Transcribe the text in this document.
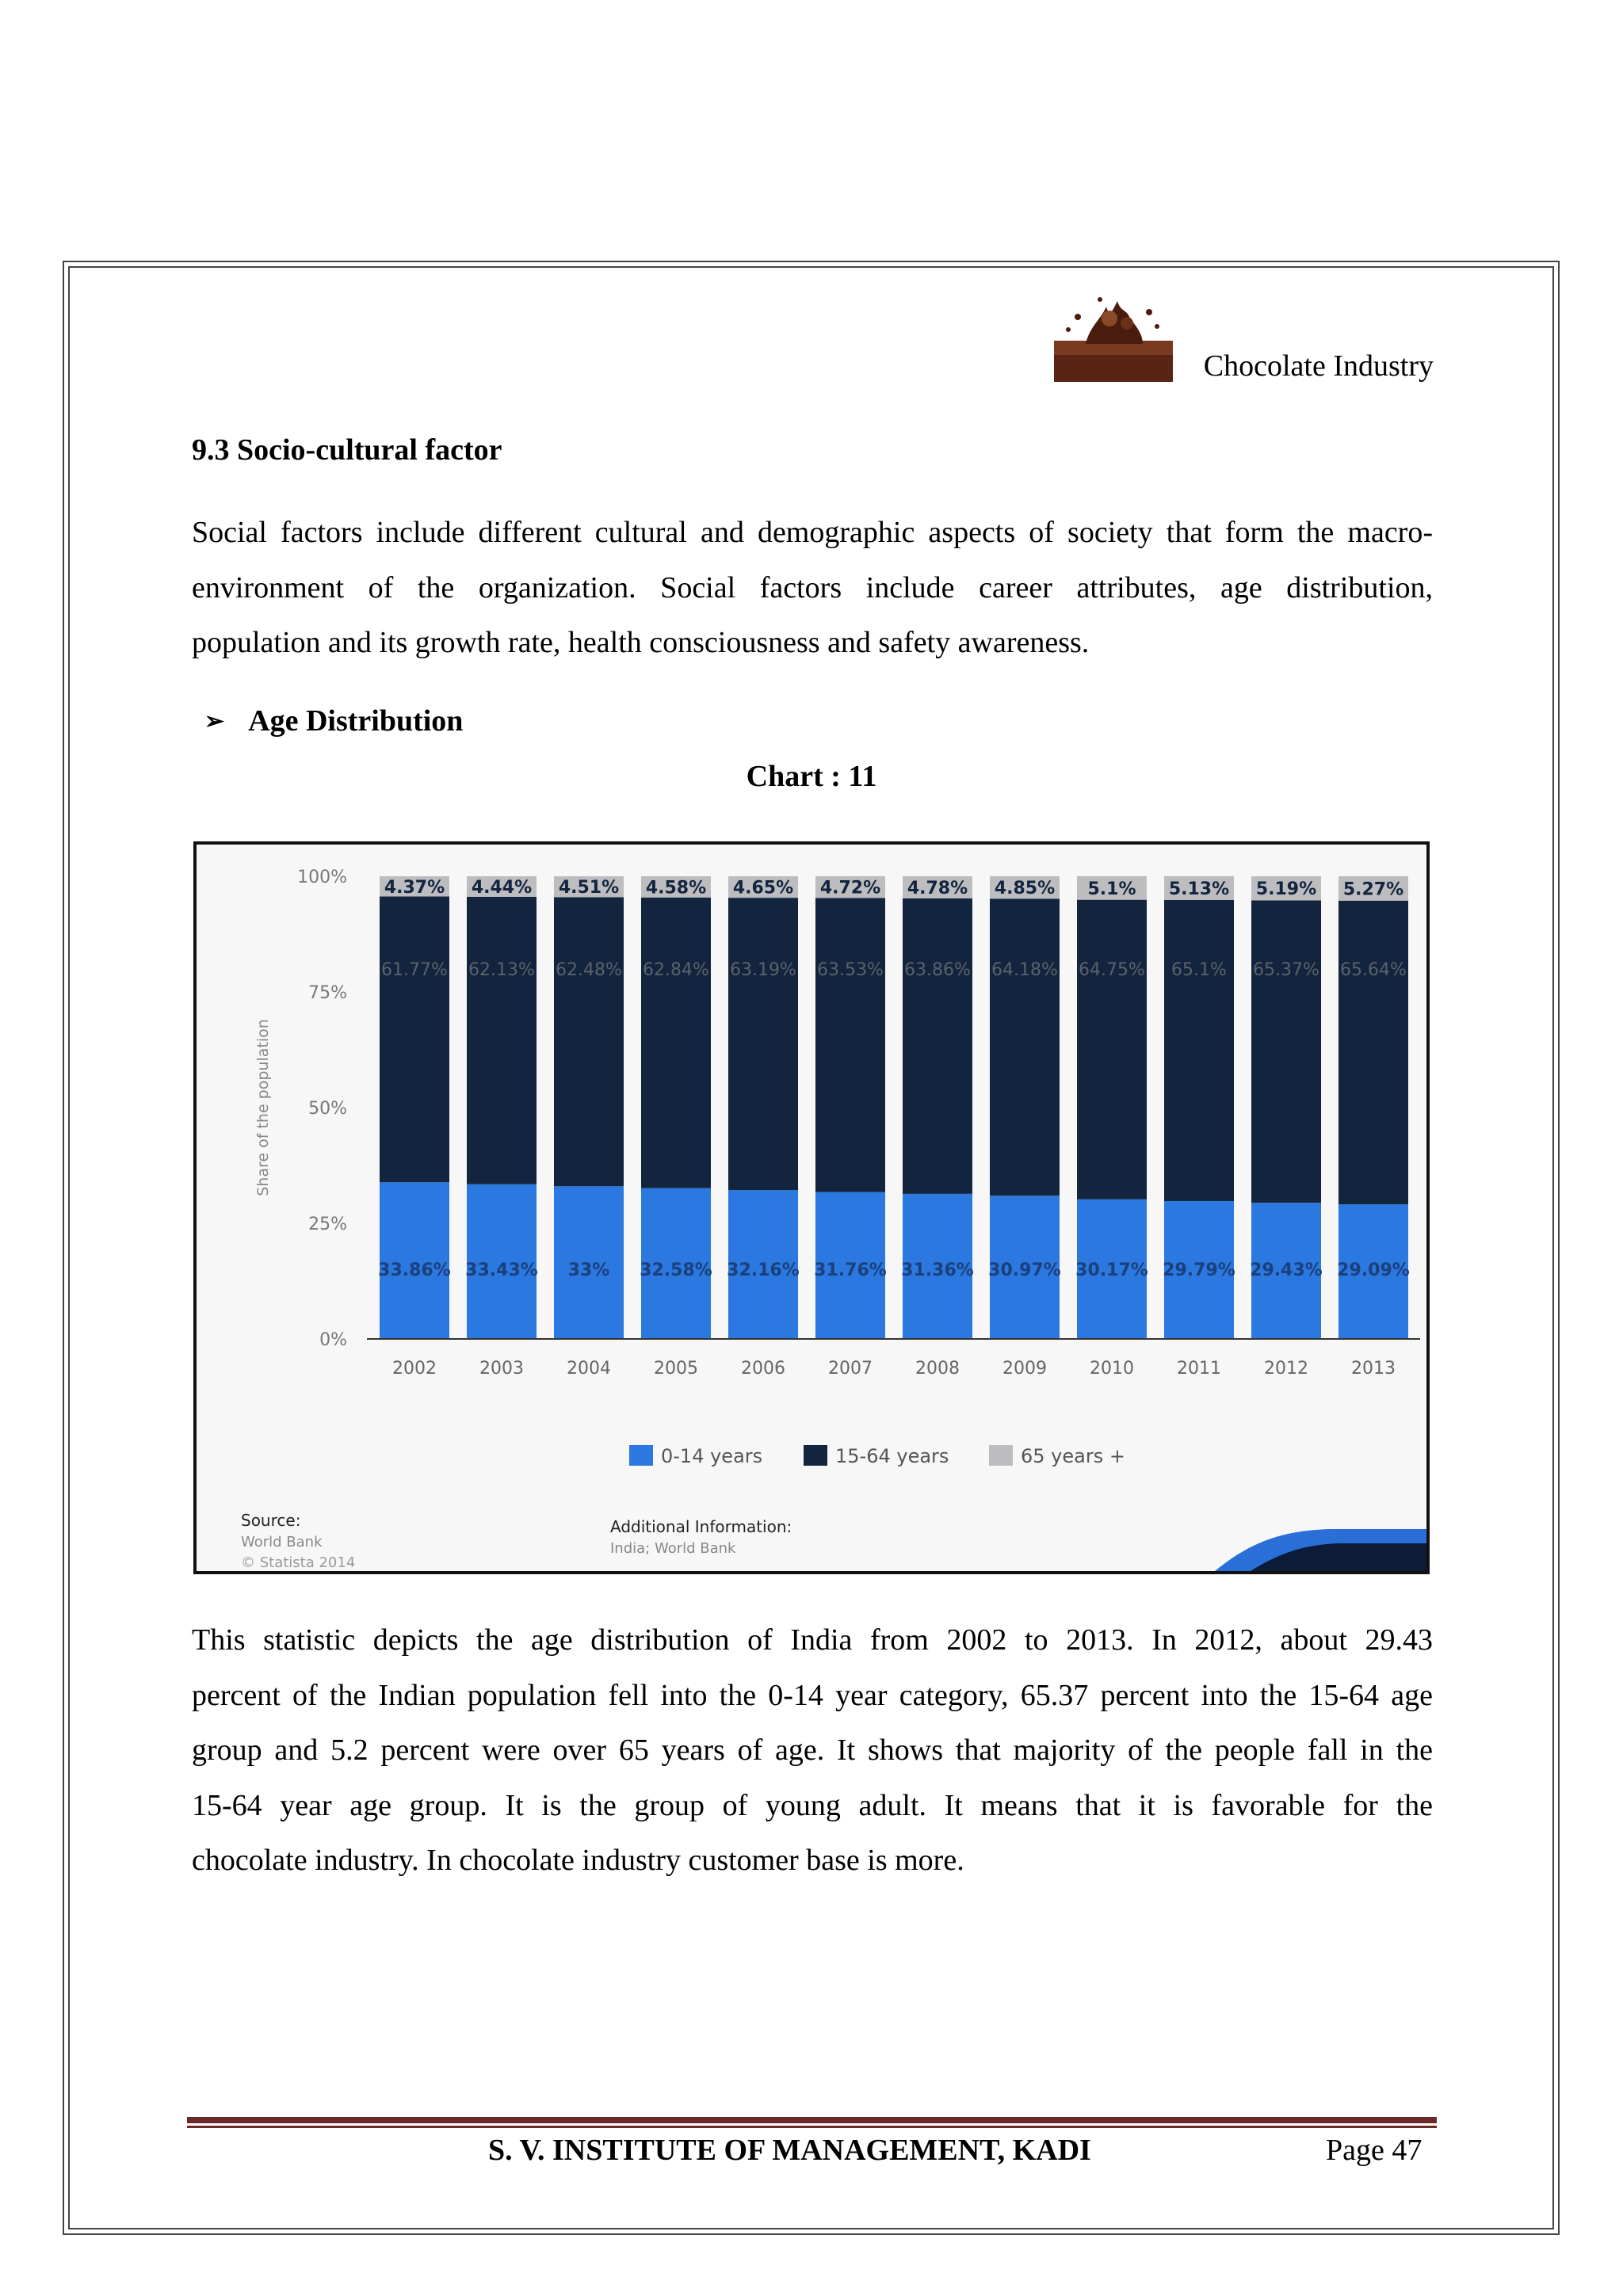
Chocolate Industry
9.3 Socio-cultural factor
Social factors include different cultural and demographic aspects of society that form the macro-
environment of the organization. Social factors include career attributes, age distribution,
population and its growth rate, health consciousness and safety awareness.
➢ Age Distribution
Chart : 11
0%
25%
50%
75%
100%
Share of the population
33.86%
61.77%
4.37%
2002
33.43%
62.13%
4.44%
2003
33%
62.48%
4.51%
2004
32.58%
62.84%
4.58%
2005
32.16%
63.19%
4.65%
2006
31.76%
63.53%
4.72%
2007
31.36%
63.86%
4.78%
2008
30.97%
64.18%
4.85%
2009
30.17%
64.75%
5.1%
2010
29.79%
65.1%
5.13%
2011
29.43%
65.37%
5.19%
2012
29.09%
65.64%
5.27%
2013
0-14 years	15-64 years	65 years +
Source:
World Bank
© Statista 2014
Additional Information:
India; World Bank
This statistic depicts the age distribution of India from 2002 to 2013. In 2012, about 29.43
percent of the Indian population fell into the 0-14 year category, 65.37 percent into the 15-64 age
group and 5.2 percent were over 65 years of age. It shows that majority of the people fall in the
15-64 year age group. It is the group of young adult. It means that it is favorable for the
chocolate industry. In chocolate industry customer base is more.
S. V. INSTITUTE OF MANAGEMENT, KADI	Page 47
